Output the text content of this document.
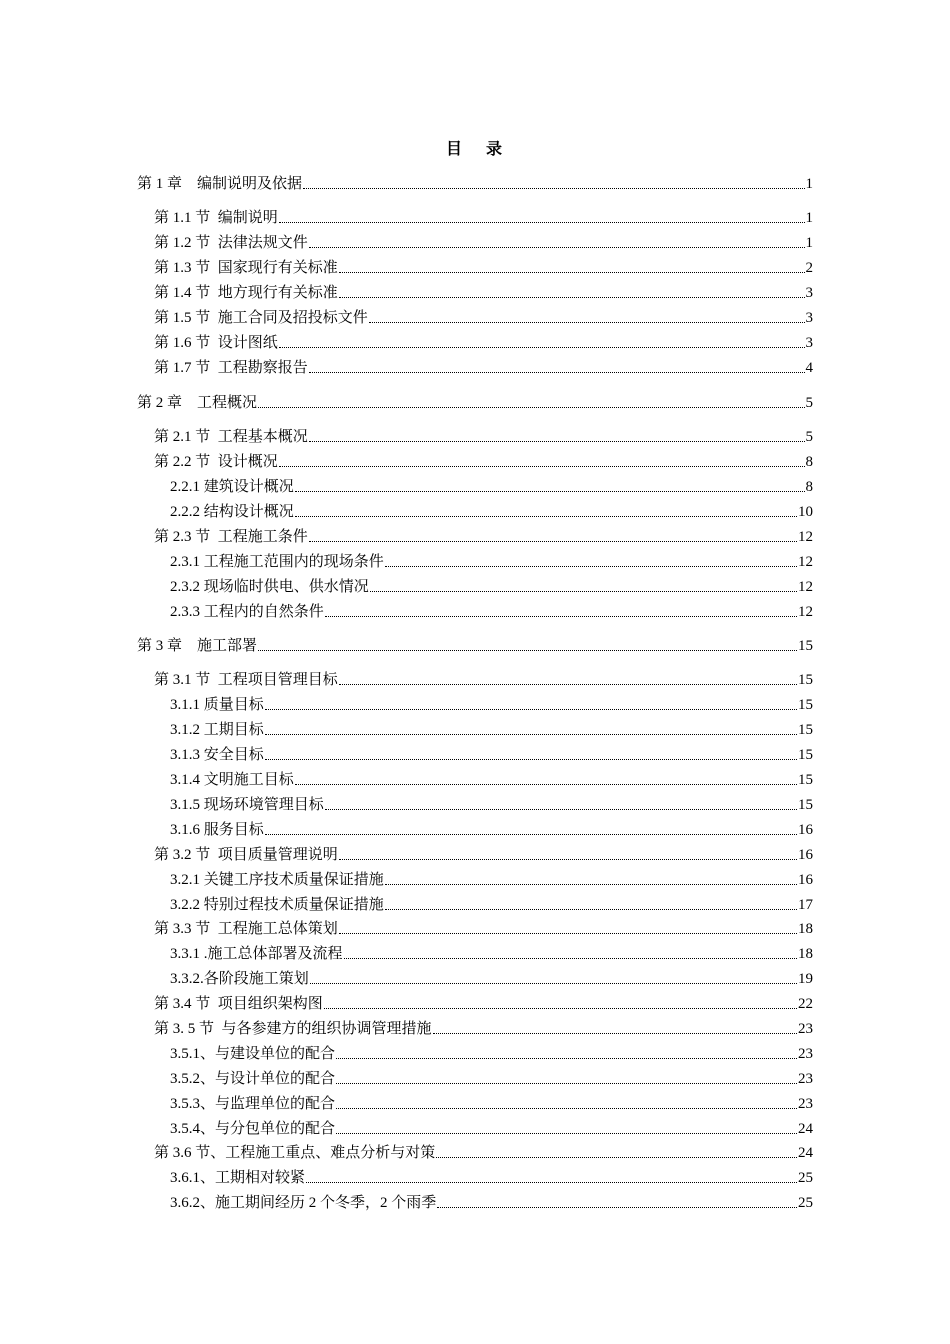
目 录
第 1 章　编制说明及依据	1
第 1.1 节  编制说明	1
第 1.2 节  法律法规文件	1
第 1.3 节  国家现行有关标准	2
第 1.4 节  地方现行有关标准	3
第 1.5 节  施工合同及招投标文件	3
第 1.6 节  设计图纸	3
第 1.7 节  工程勘察报告	4
第 2 章　工程概况	5
第 2.1 节  工程基本概况	5
第 2.2 节  设计概况	8
2.2.1 建筑设计概况	8
2.2.2 结构设计概况	10
第 2.3 节  工程施工条件	12
2.3.1 工程施工范围内的现场条件	12
2.3.2 现场临时供电、供水情况	12
2.3.3 工程内的自然条件	12
第 3 章　施工部署	15
第 3.1 节  工程项目管理目标	15
3.1.1 质量目标	15
3.1.2 工期目标	15
3.1.3 安全目标	15
3.1.4 文明施工目标	15
3.1.5 现场环境管理目标	15
3.1.6 服务目标	16
第 3.2 节  项目质量管理说明	16
3.2.1 关键工序技术质量保证措施	16
3.2.2 特别过程技术质量保证措施	17
第 3.3 节  工程施工总体策划	18
3.3.1 .施工总体部署及流程	18
3.3.2.各阶段施工策划	19
第 3.4 节  项目组织架构图	22
第 3. 5 节  与各参建方的组织协调管理措施	23
3.5.1、与建设单位的配合	23
3.5.2、与设计单位的配合	23
3.5.3、与监理单位的配合	23
3.5.4、与分包单位的配合	24
第 3.6 节、工程施工重点、难点分析与对策	24
3.6.1、工期相对较紧	25
3.6.2、施工期间经历 2 个冬季，2 个雨季	25
